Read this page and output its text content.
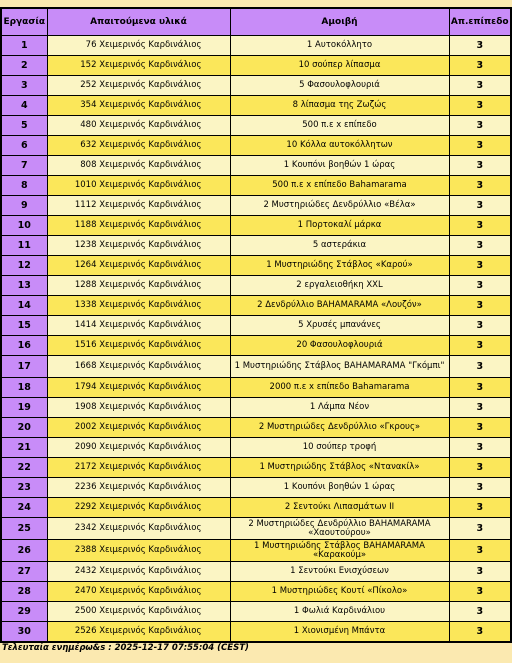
Εργασία	Απαιτούμενα υλικά	Αμοιβή	Απ.επίπεδο
1	76 Χειμερινός Καρδινάλιος	1 Αυτοκόλλητο	3
2	152 Χειμερινός Καρδινάλιος	10 σούπερ λίπασμα	3
3	252 Χειμερινός Καρδινάλιος	5 Φασουλοφλουριά	3
4	354 Χειμερινός Καρδινάλιος	8 λίπασμα της Ζωζώς	3
5	480 Χειμερινός Καρδινάλιος	500 π.ε x επίπεδο	3
6	632 Χειμερινός Καρδινάλιος	10 Κόλλα αυτοκόλλητων	3
7	808 Χειμερινός Καρδινάλιος	1 Κουπόνι βοηθών 1 ώρας	3
8	1010 Χειμερινός Καρδινάλιος	500 π.ε x επίπεδο Bahamarama	3
9	1112 Χειμερινός Καρδινάλιος	2 Μυστηριώδες Δενδρύλλιο «Βέλα»	3
10	1188 Χειμερινός Καρδινάλιος	1 Πορτοκαλί μάρκα	3
11	1238 Χειμερινός Καρδινάλιος	5 αστεράκια	3
12	1264 Χειμερινός Καρδινάλιος	1 Μυστηριώδης Στάβλος «Καρού»	3
13	1288 Χειμερινός Καρδινάλιος	2 εργαλειοθήκη XXL	3
14	1338 Χειμερινός Καρδινάλιος	2 Δενδρύλλιο BAHAMARAMA «Λουζόν»	3
15	1414 Χειμερινός Καρδινάλιος	5 Χρυσές μπανάνες	3
16	1516 Χειμερινός Καρδινάλιος	20 Φασουλοφλουριά	3
17	1668 Χειμερινός Καρδινάλιος	1 Μυστηριώδης Στάβλος BAHAMARAMA "Γκόμπι"	3
18	1794 Χειμερινός Καρδινάλιος	2000 π.ε x επίπεδο Bahamarama	3
19	1908 Χειμερινός Καρδινάλιος	1 Λάμπα Νέον	3
20	2002 Χειμερινός Καρδινάλιος	2 Μυστηριώδες Δενδρύλλιο «Γκρους»	3
21	2090 Χειμερινός Καρδινάλιος	10 σούπερ τροφή	3
22	2172 Χειμερινός Καρδινάλιος	1 Μυστηριώδης Στάβλος «Ντανακίλ»	3
23	2236 Χειμερινός Καρδινάλιος	1 Κουπόνι βοηθών 1 ώρας	3
24	2292 Χειμερινός Καρδινάλιος	2 Σεντούκι Λιπασμάτων II	3
25	2342 Χειμερινός Καρδινάλιος	2 Μυστηριώδες Δενδρύλλιο BAHAMARAMA «Χαουτούρου»	3
26	2388 Χειμερινός Καρδινάλιος	1 Μυστηριώδης Στάβλος BAHAMARAMA «Καρακούμ»	3
27	2432 Χειμερινός Καρδινάλιος	1 Σεντούκι Ενισχύσεων	3
28	2470 Χειμερινός Καρδινάλιος	1 Μυστηριώδες Κουτί «Πίκολο»	3
29	2500 Χειμερινός Καρδινάλιος	1 Φωλιά Καρδινάλιου	3
30	2526 Χειμερινός Καρδινάλιος	1 Χιονισμένη Μπάντα	3
Τελευταία ενημέρω&s : 2025-12-17 07:55:04 (CEST)
